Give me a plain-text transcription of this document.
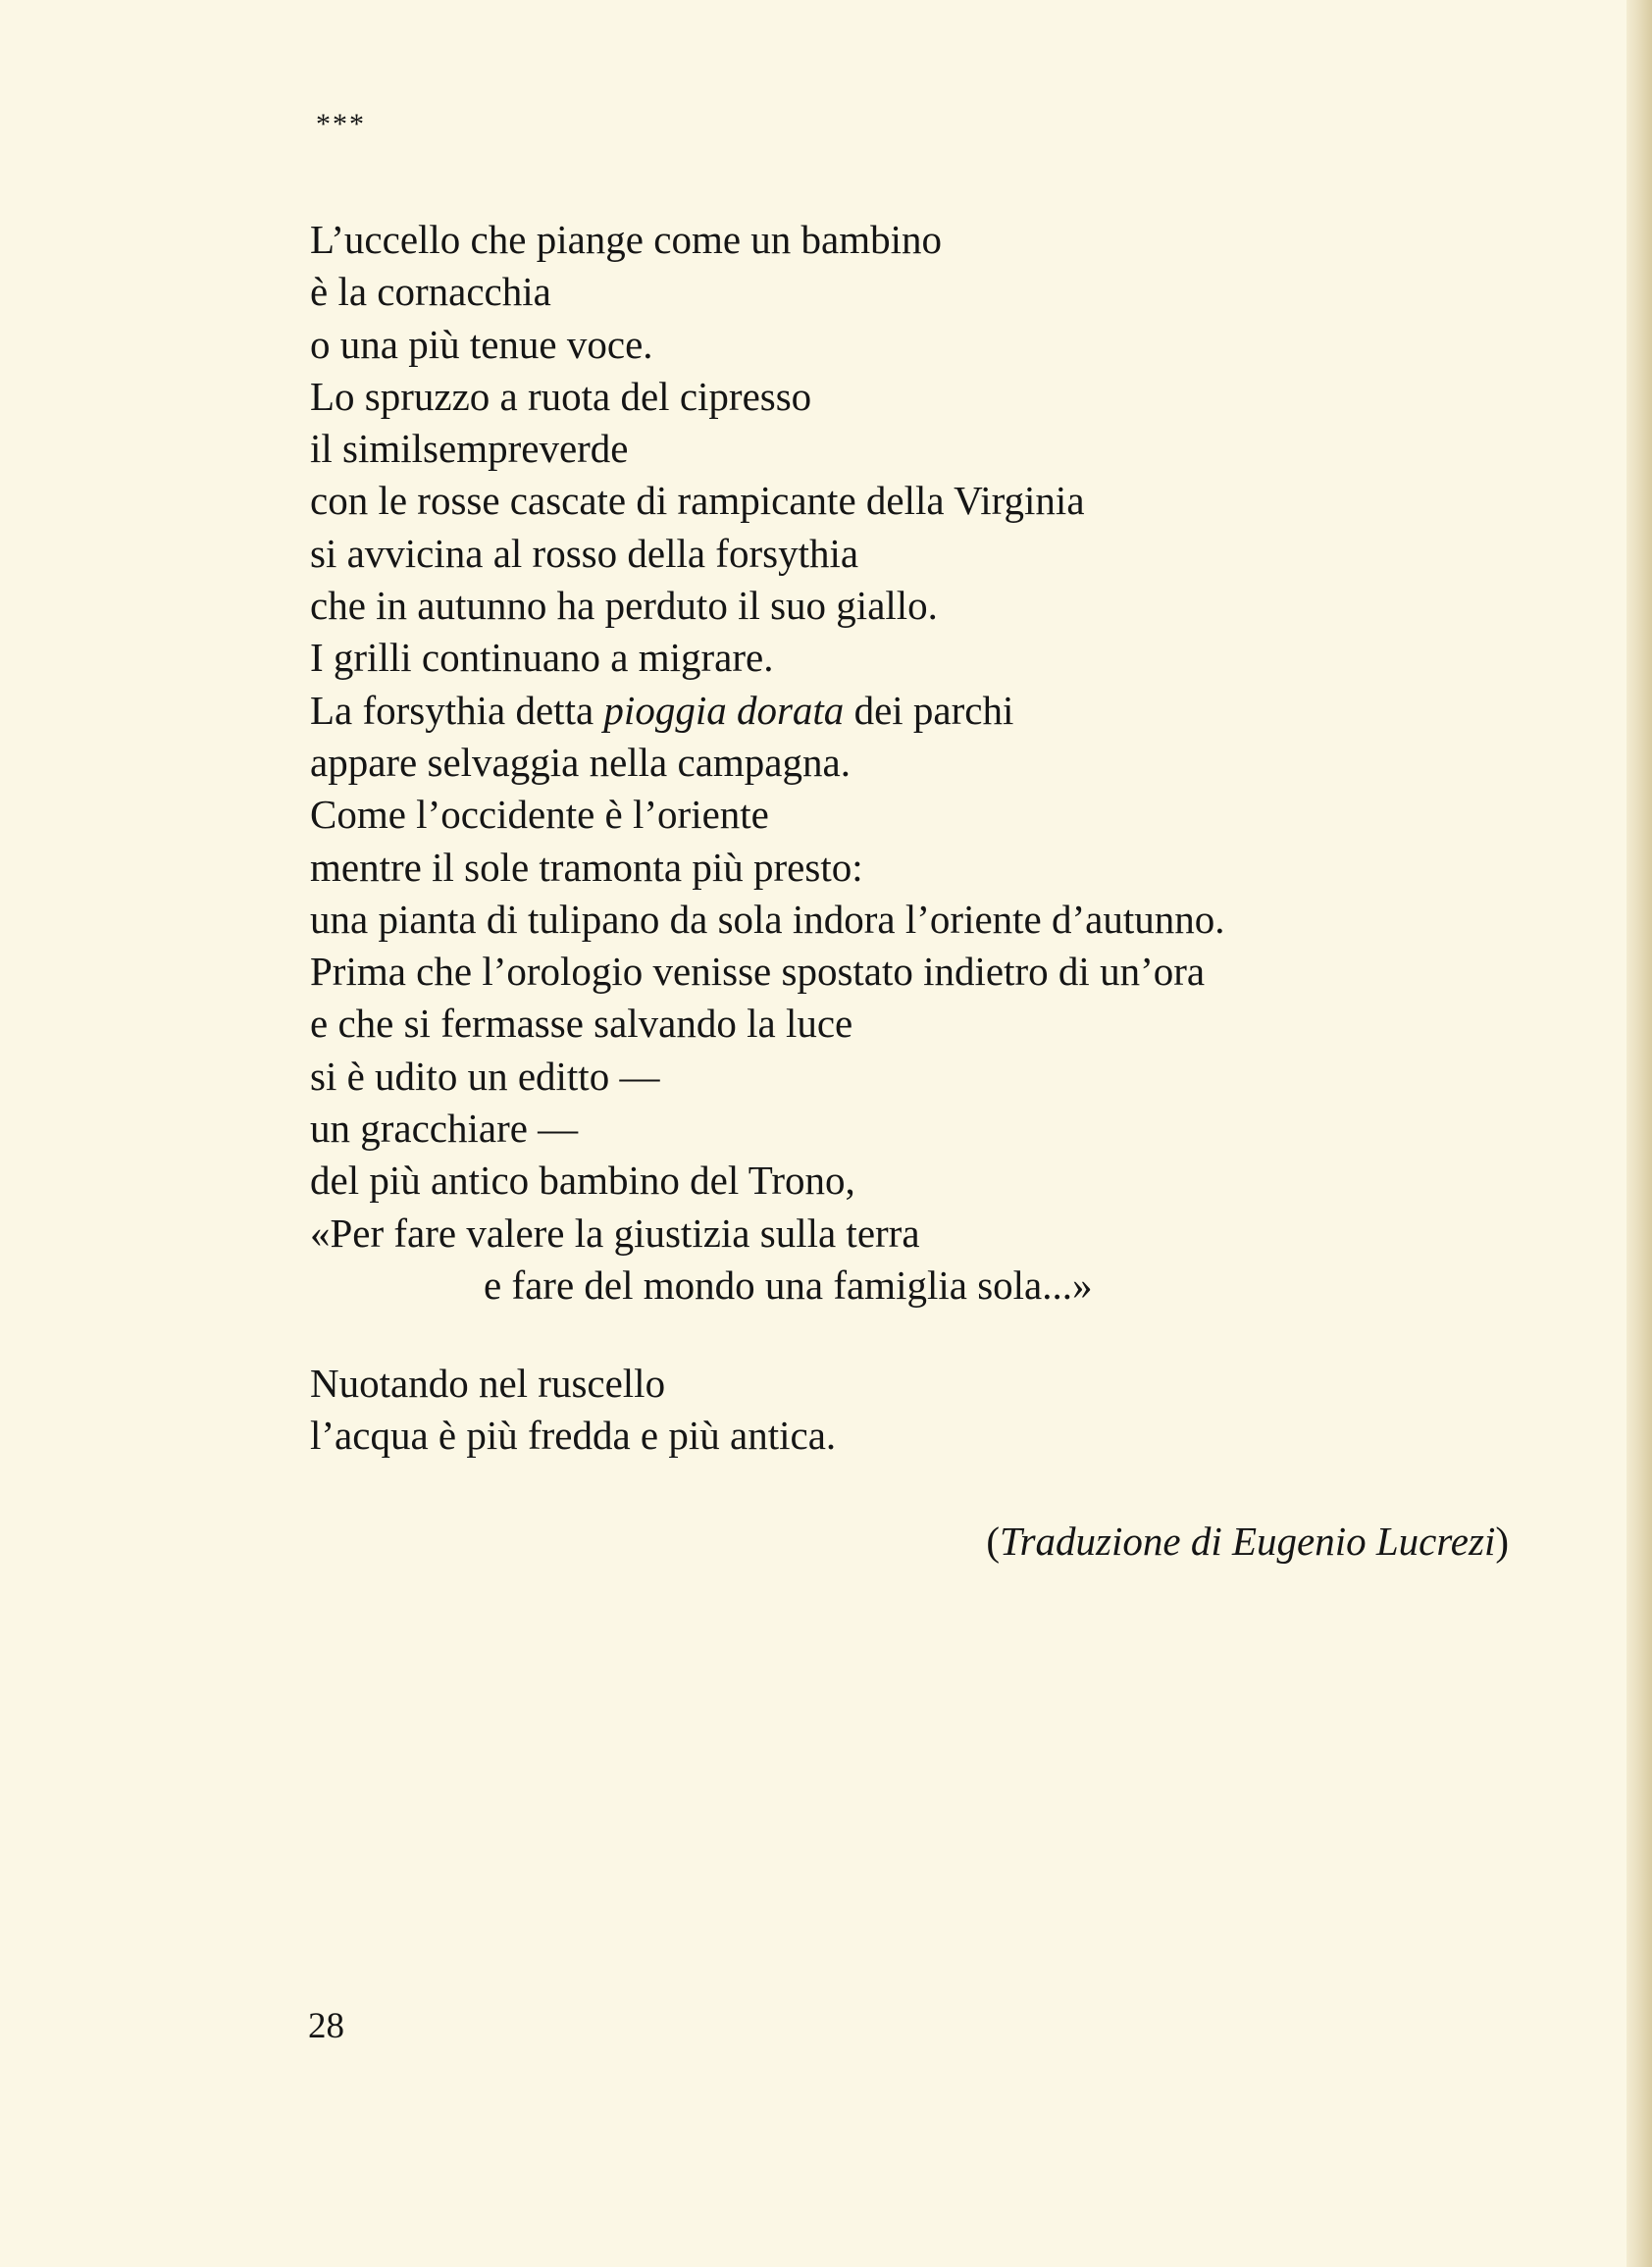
***

L’uccello che piange come un bambino
è la cornacchia
o una più tenue voce.
Lo spruzzo a ruota del cipresso
il similsempreverde
con le rosse cascate di rampicante della Virginia
si avvicina al rosso della forsythia
che in autunno ha perduto il suo giallo.
I grilli continuano a migrare.
La forsythia detta pioggia dorata dei parchi
appare selvaggia nella campagna.
Come l’occidente è l’oriente
mentre il sole tramonta più presto:
una pianta di tulipano da sola indora l’oriente d’autunno.
Prima che l’orologio venisse spostato indietro di un’ora
e che si fermasse salvando la luce
si è udito un editto —
un gracchiare —
del più antico bambino del Trono,
«Per fare valere la giustizia sulla terra
e fare del mondo una famiglia sola...»

Nuotando nel ruscello
l’acqua è più fredda e più antica.

(Traduzione di Eugenio Lucrezi)
28
